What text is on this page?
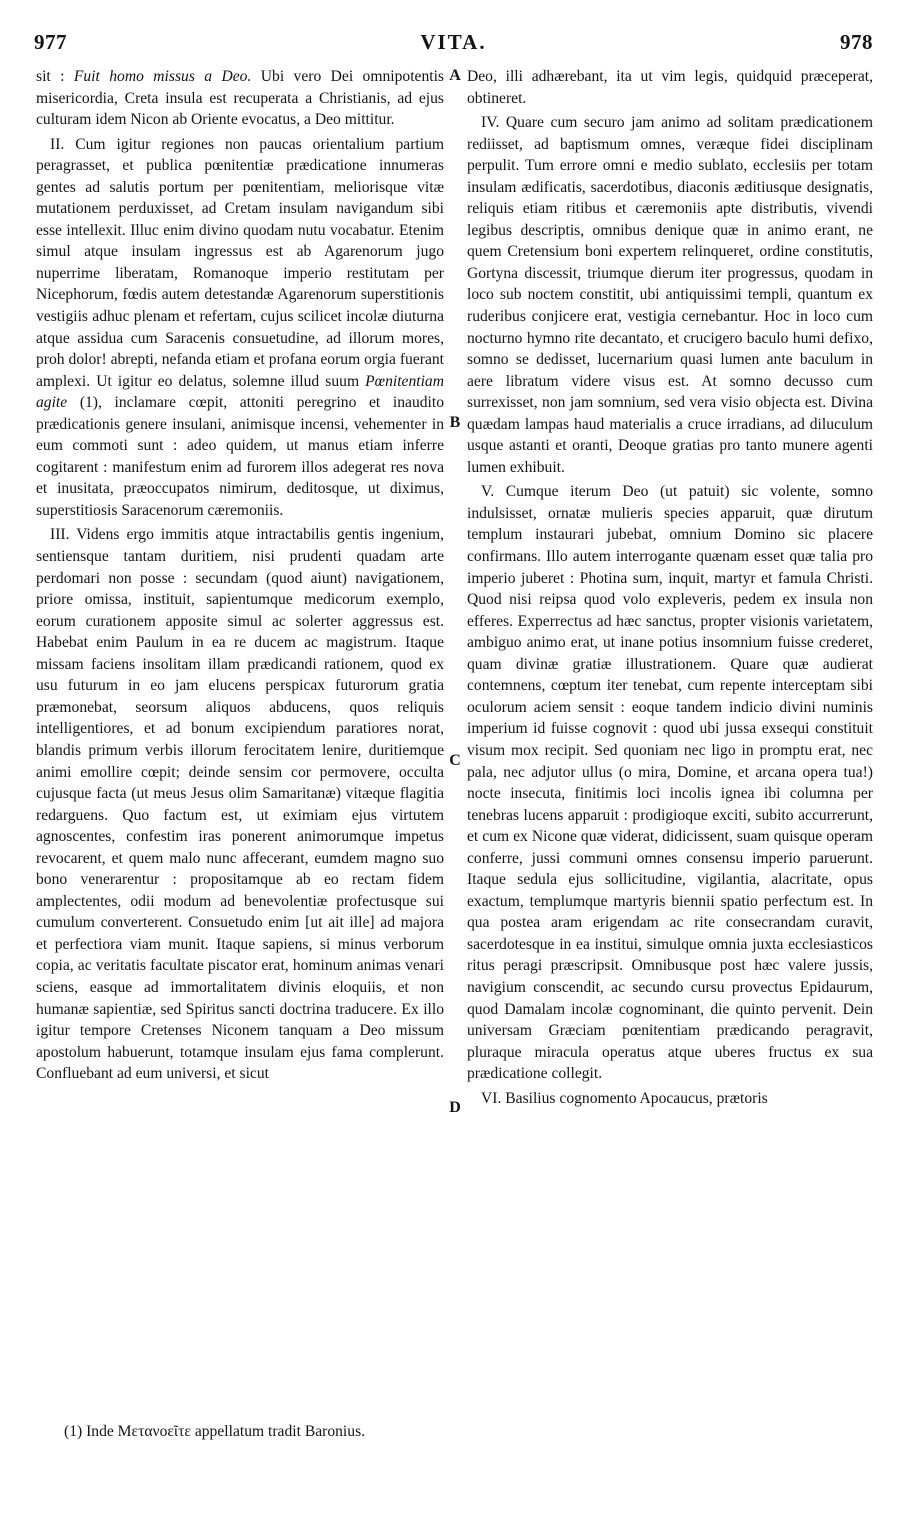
977	VITA.	978

sit : Fuit homo missus a Deo. Ubi vero Dei omnipotentis misericordia, Creta insula est recuperata a Christianis, ad ejus culturam idem Nicon ab Oriente evocatus, a Deo mittitur.

II. Cum igitur regiones non paucas orientalium partium peragrasset, et publica pœnitentiæ prædicatione innumeras gentes ad salutis portum per pœnitentiam, meliorisque vitæ mutationem perduxisset, ad Cretam insulam navigandum sibi esse intellexit. Illuc enim divino quodam nutu vocabatur. Etenim simul atque insulam ingressus est ab Agarenorum jugo nuperrime liberatam, Romanoque imperio restitutam per Nicephorum, fœdis autem detestandæ Agarenorum superstitionis vestigiis adhuc plenam et refertam, cujus scilicet incolæ diuturna atque assidua cum Saracenis consuetudine, ad illorum mores, proh dolor! abrepti, nefanda etiam et profana eorum orgia fuerant amplexi. Ut igitur eo delatus, solemne illud suum Pœnitentiam agite (1), inclamare cœpit, attoniti peregrino et inaudito prædicationis genere insulani, animisque incensi, vehementer in eum commoti sunt : adeo quidem, ut manus etiam inferre cogitarent : manifestum enim ad furorem illos adegerat res nova et inusitata, præoccupatos nimirum, deditosque, ut diximus, superstitiosis Saracenorum cæremoniis.

III. Videns ergo immitis atque intractabilis gentis ingenium, sentiensque tantam duritiem, nisi prudenti quadam arte perdomari non posse : secundam (quod aiunt) navigationem, priore omissa, instituit, sapientumque medicorum exemplo, eorum curationem apposite simul ac solerter aggressus est. Habebat enim Paulum in ea re ducem ac magistrum. Itaque missam faciens insolitam illam prædicandi rationem, quod ex usu futurum in eo jam elucens perspicax futurorum gratia præmonebat, seorsum aliquos abducens, quos reliquis intelligentiores, et ad bonum excipiendum paratiores norat, blandis primum verbis illorum ferocitatem lenire, duritiemque animi emollire cœpit; deinde sensim cor permovere, occulta cujusque facta (ut meus Jesus olim Samaritanæ) vitæque flagitia redarguens. Quo factum est, ut eximiam ejus virtutem agnoscentes, confestim iras ponerent animorumque impetus revocarent, et quem malo nunc affecerant, eumdem magno suo bono venerarentur : propositamque ab eo rectam fidem amplectentes, odii modum ad benevolentiæ profectusque sui cumulum converterent. Consuetudo enim [ut ait ille] ad majora et perfectiora viam munit. Itaque sapiens, si minus verborum copia, ac veritatis facultate piscator erat, hominum animas venari sciens, easque ad immortalitatem divinis eloquiis, et non humanæ sapientiæ, sed Spiritus sancti doctrina traducere. Ex illo igitur tempore Cretenses Niconem tanquam a Deo missum apostolum habuerunt, totamque insulam ejus fama complerunt. Confluebant ad eum universi, et sicut

A
B
C
D

Deo, illi adhærebant, ita ut vim legis, quidquid præceperat, obtineret.

IV. Quare cum securo jam animo ad solitam prædicationem rediisset, ad baptismum omnes, veræque fidei disciplinam perpulit. Tum errore omni e medio sublato, ecclesiis per totam insulam ædificatis, sacerdotibus, diaconis æditiusque designatis, reliquis etiam ritibus et cæremoniis apte distributis, vivendi legibus descriptis, omnibus denique quæ in animo erant, ne quem Cretensium boni expertem relinqueret, ordine constitutis, Gortyna discessit, triumque dierum iter progressus, quodam in loco sub noctem constitit, ubi antiquissimi templi, quantum ex ruderibus conjicere erat, vestigia cernebantur. Hoc in loco cum nocturno hymno rite decantato, et crucigero baculo humi defixo, somno se dedisset, lucernarium quasi lumen ante baculum in aere libratum videre visus est. At somno decusso cum surrexisset, non jam somnium, sed vera visio objecta est. Divina quædam lampas haud materialis a cruce irradians, ad diluculum usque astanti et oranti, Deoque gratias pro tanto munere agenti lumen exhibuit.

V. Cumque iterum Deo (ut patuit) sic volente, somno indulsisset, ornatæ mulieris species apparuit, quæ dirutum templum instaurari jubebat, omnium Domino sic placere confirmans. Illo autem interrogante quænam esset quæ talia pro imperio juberet : Photina sum, inquit, martyr et famula Christi. Quod nisi reipsa quod volo expleveris, pedem ex insula non efferes. Experrectus ad hæc sanctus, propter visionis varietatem, ambiguo animo erat, ut inane potius insomnium fuisse crederet, quam divinæ gratiæ illustrationem. Quare quæ audierat contemnens, cœptum iter tenebat, cum repente interceptam sibi oculorum aciem sensit : eoque tandem indicio divini numinis imperium id fuisse cognovit : quod ubi jussa exsequi constituit visum mox recipit. Sed quoniam nec ligo in promptu erat, nec pala, nec adjutor ullus (o mira, Domine, et arcana opera tua!) nocte insecuta, finitimis loci incolis ignea ibi columna per tenebras lucens apparuit : prodigioque exciti, subito accurrerunt, et cum ex Nicone quæ viderat, didicissent, suam quisque operam conferre, jussi communi omnes consensu imperio paruerunt. Itaque sedula ejus sollicitudine, vigilantia, alacritate, opus exactum, templumque martyris biennii spatio perfectum est. In qua postea aram erigendam ac rite consecrandam curavit, sacerdotesque in ea institui, simulque omnia juxta ecclesiasticos ritus peragi præscripsit. Omnibusque post hæc valere jussis, navigium conscendit, ac secundo cursu provectus Epidaurum, quod Damalam incolæ cognominant, die quinto pervenit. Dein universam Græciam pœnitentiam prædicando peragravit, pluraque miracula operatus atque uberes fructus ex sua prædicatione collegit.

VI. Basilius cognomento Apocaucus, prætoris

(1) Inde Μετανοεῖτε appellatum tradit Baronius.
